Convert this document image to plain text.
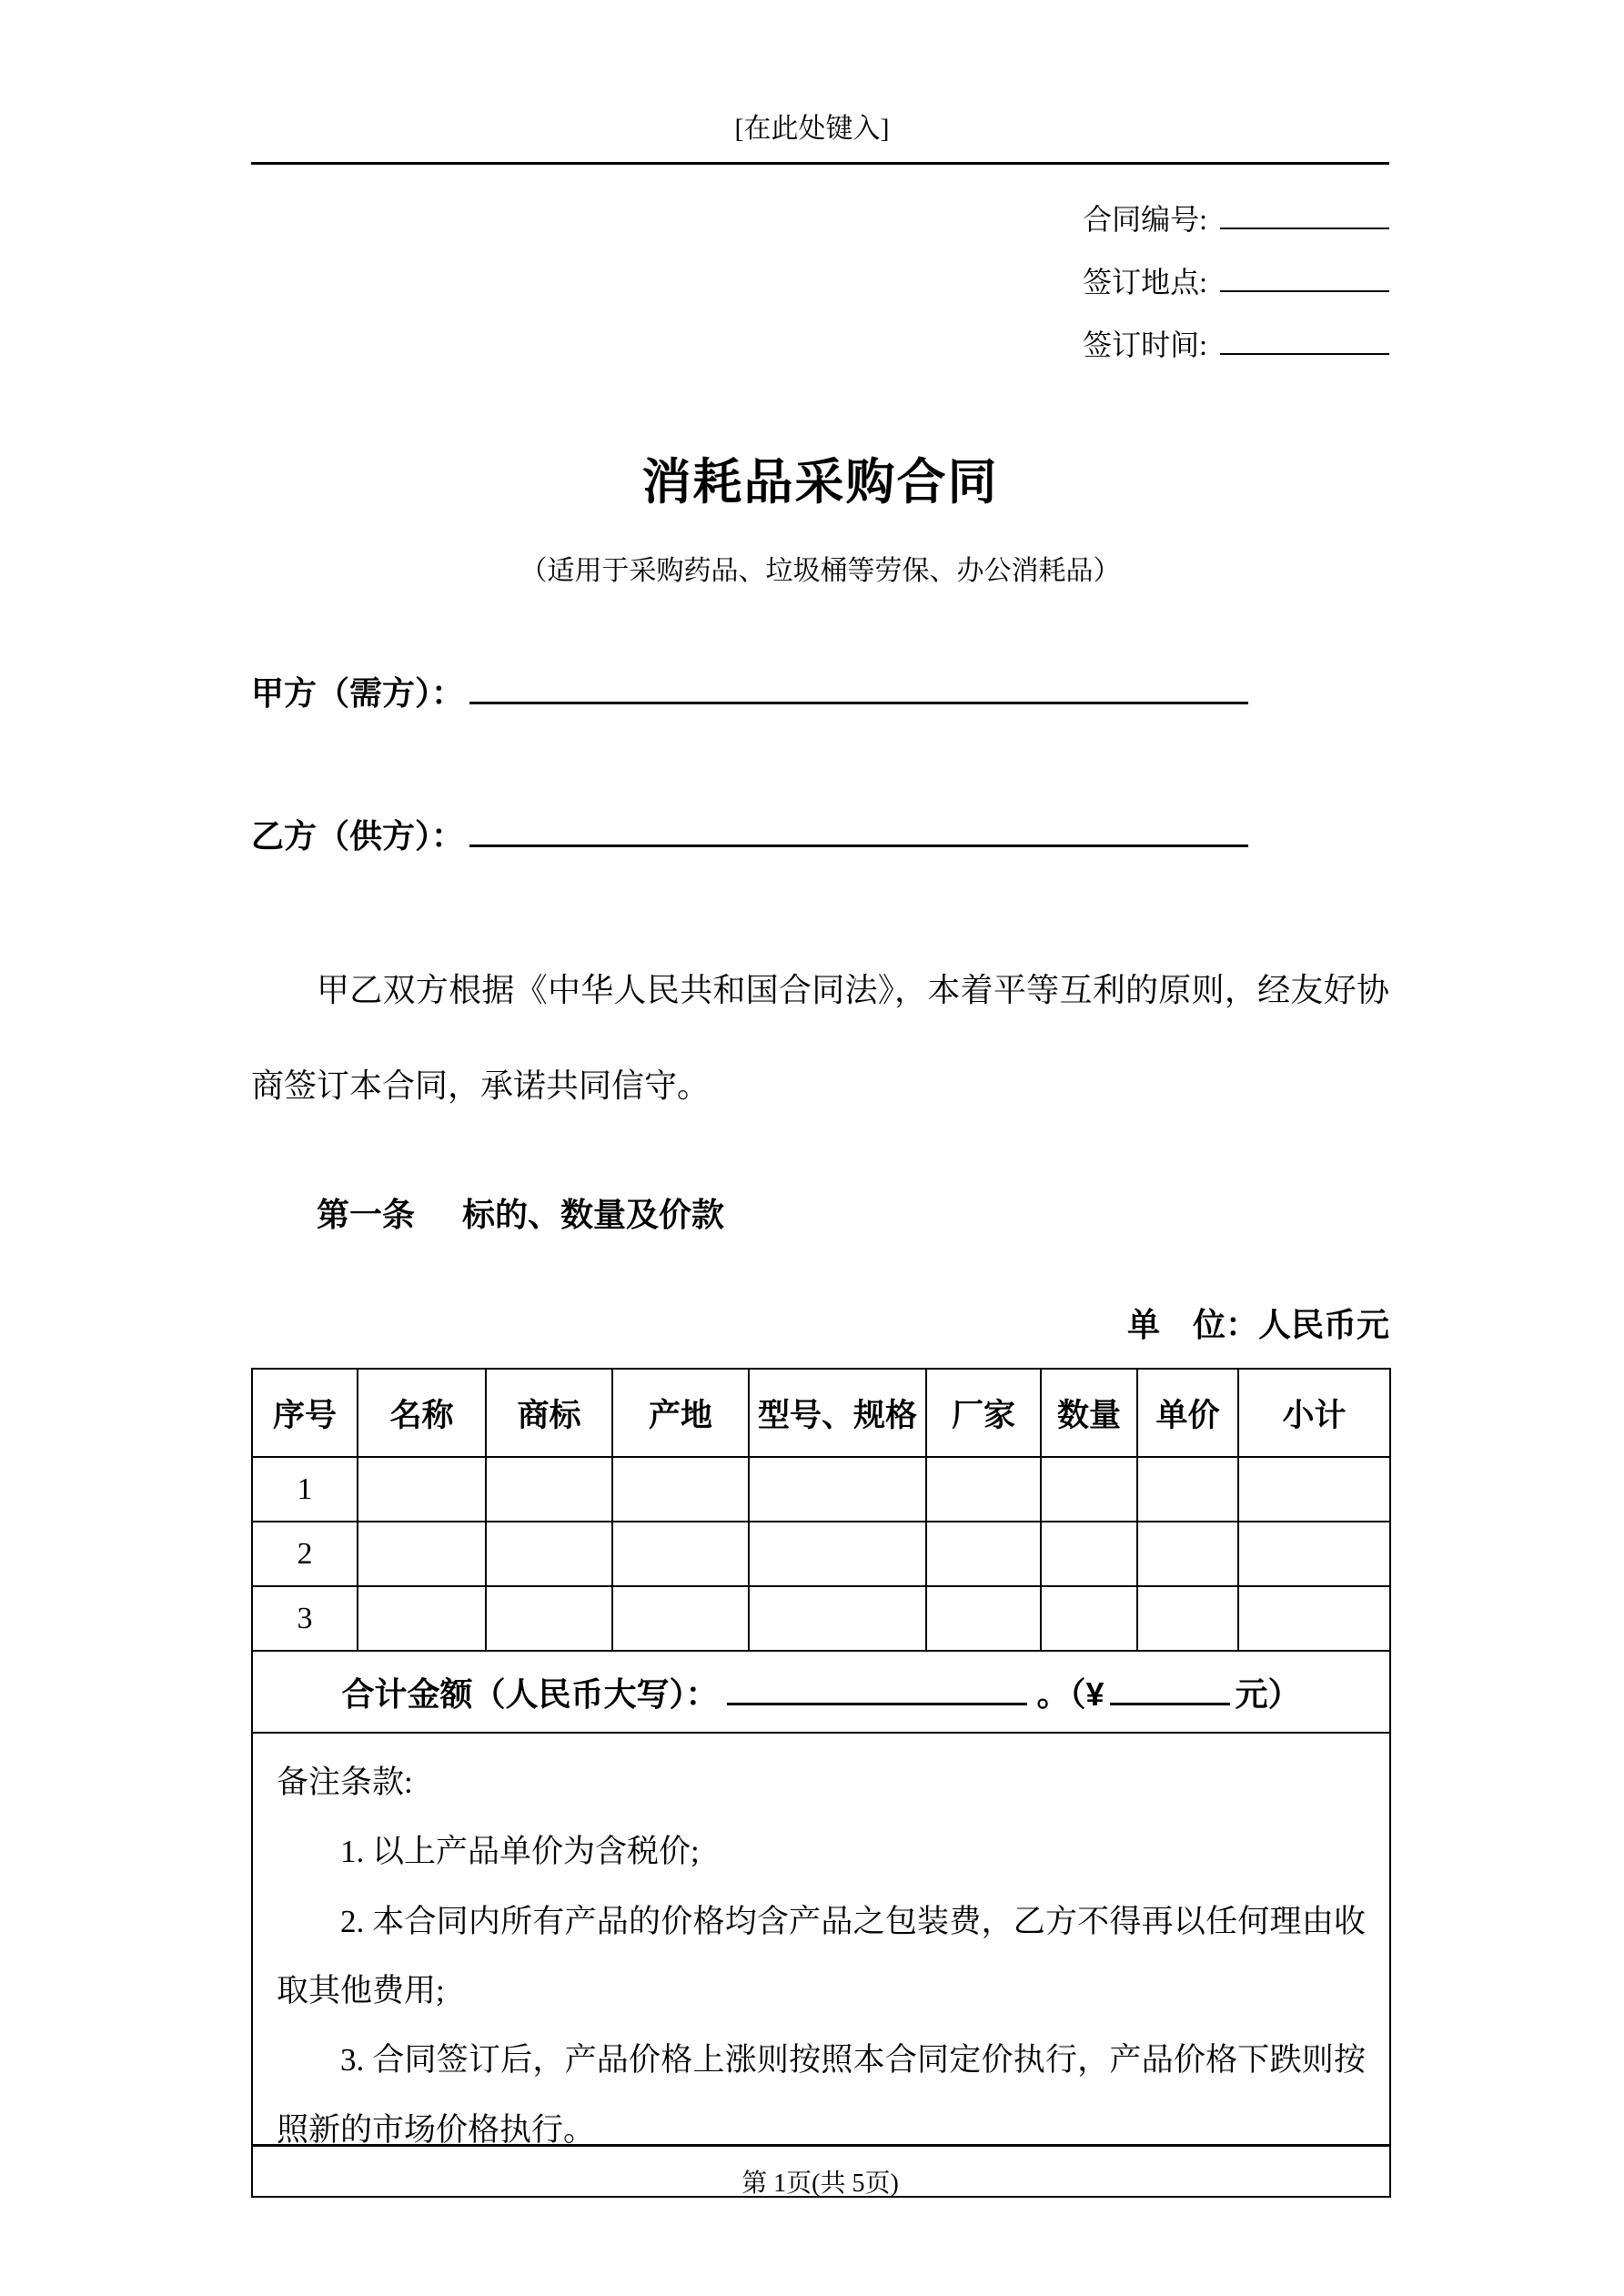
[在此处键入]
合同编号:
签订地点:
签订时间:
消耗品采购合同
（适用于采购药品、垃圾桶等劳保、办公消耗品）
甲方（需方）：
乙方（供方）：

甲乙双方根据《中华人民共和国合同法》，本着平等互利的原则，经友好协商签订本合同，承诺共同信守。

第一条 标的、数量及价款
单　位：人民币元
序号	名称	商标	产地	型号、规格	厂家	数量	单价	小计
1								
2								
3								
合计金额（人民币大写）： 。（¥ 元）								

备注条款:
1. 以上产品单价为含税价;
2. 本合同内所有产品的价格均含产品之包装费，乙方不得再以任何理由收取其他费用;
3. 合同签订后，产品价格上涨则按照本合同定价执行，产品价格下跌则按照新的市场价格执行。								
第 1页(共 5页)
